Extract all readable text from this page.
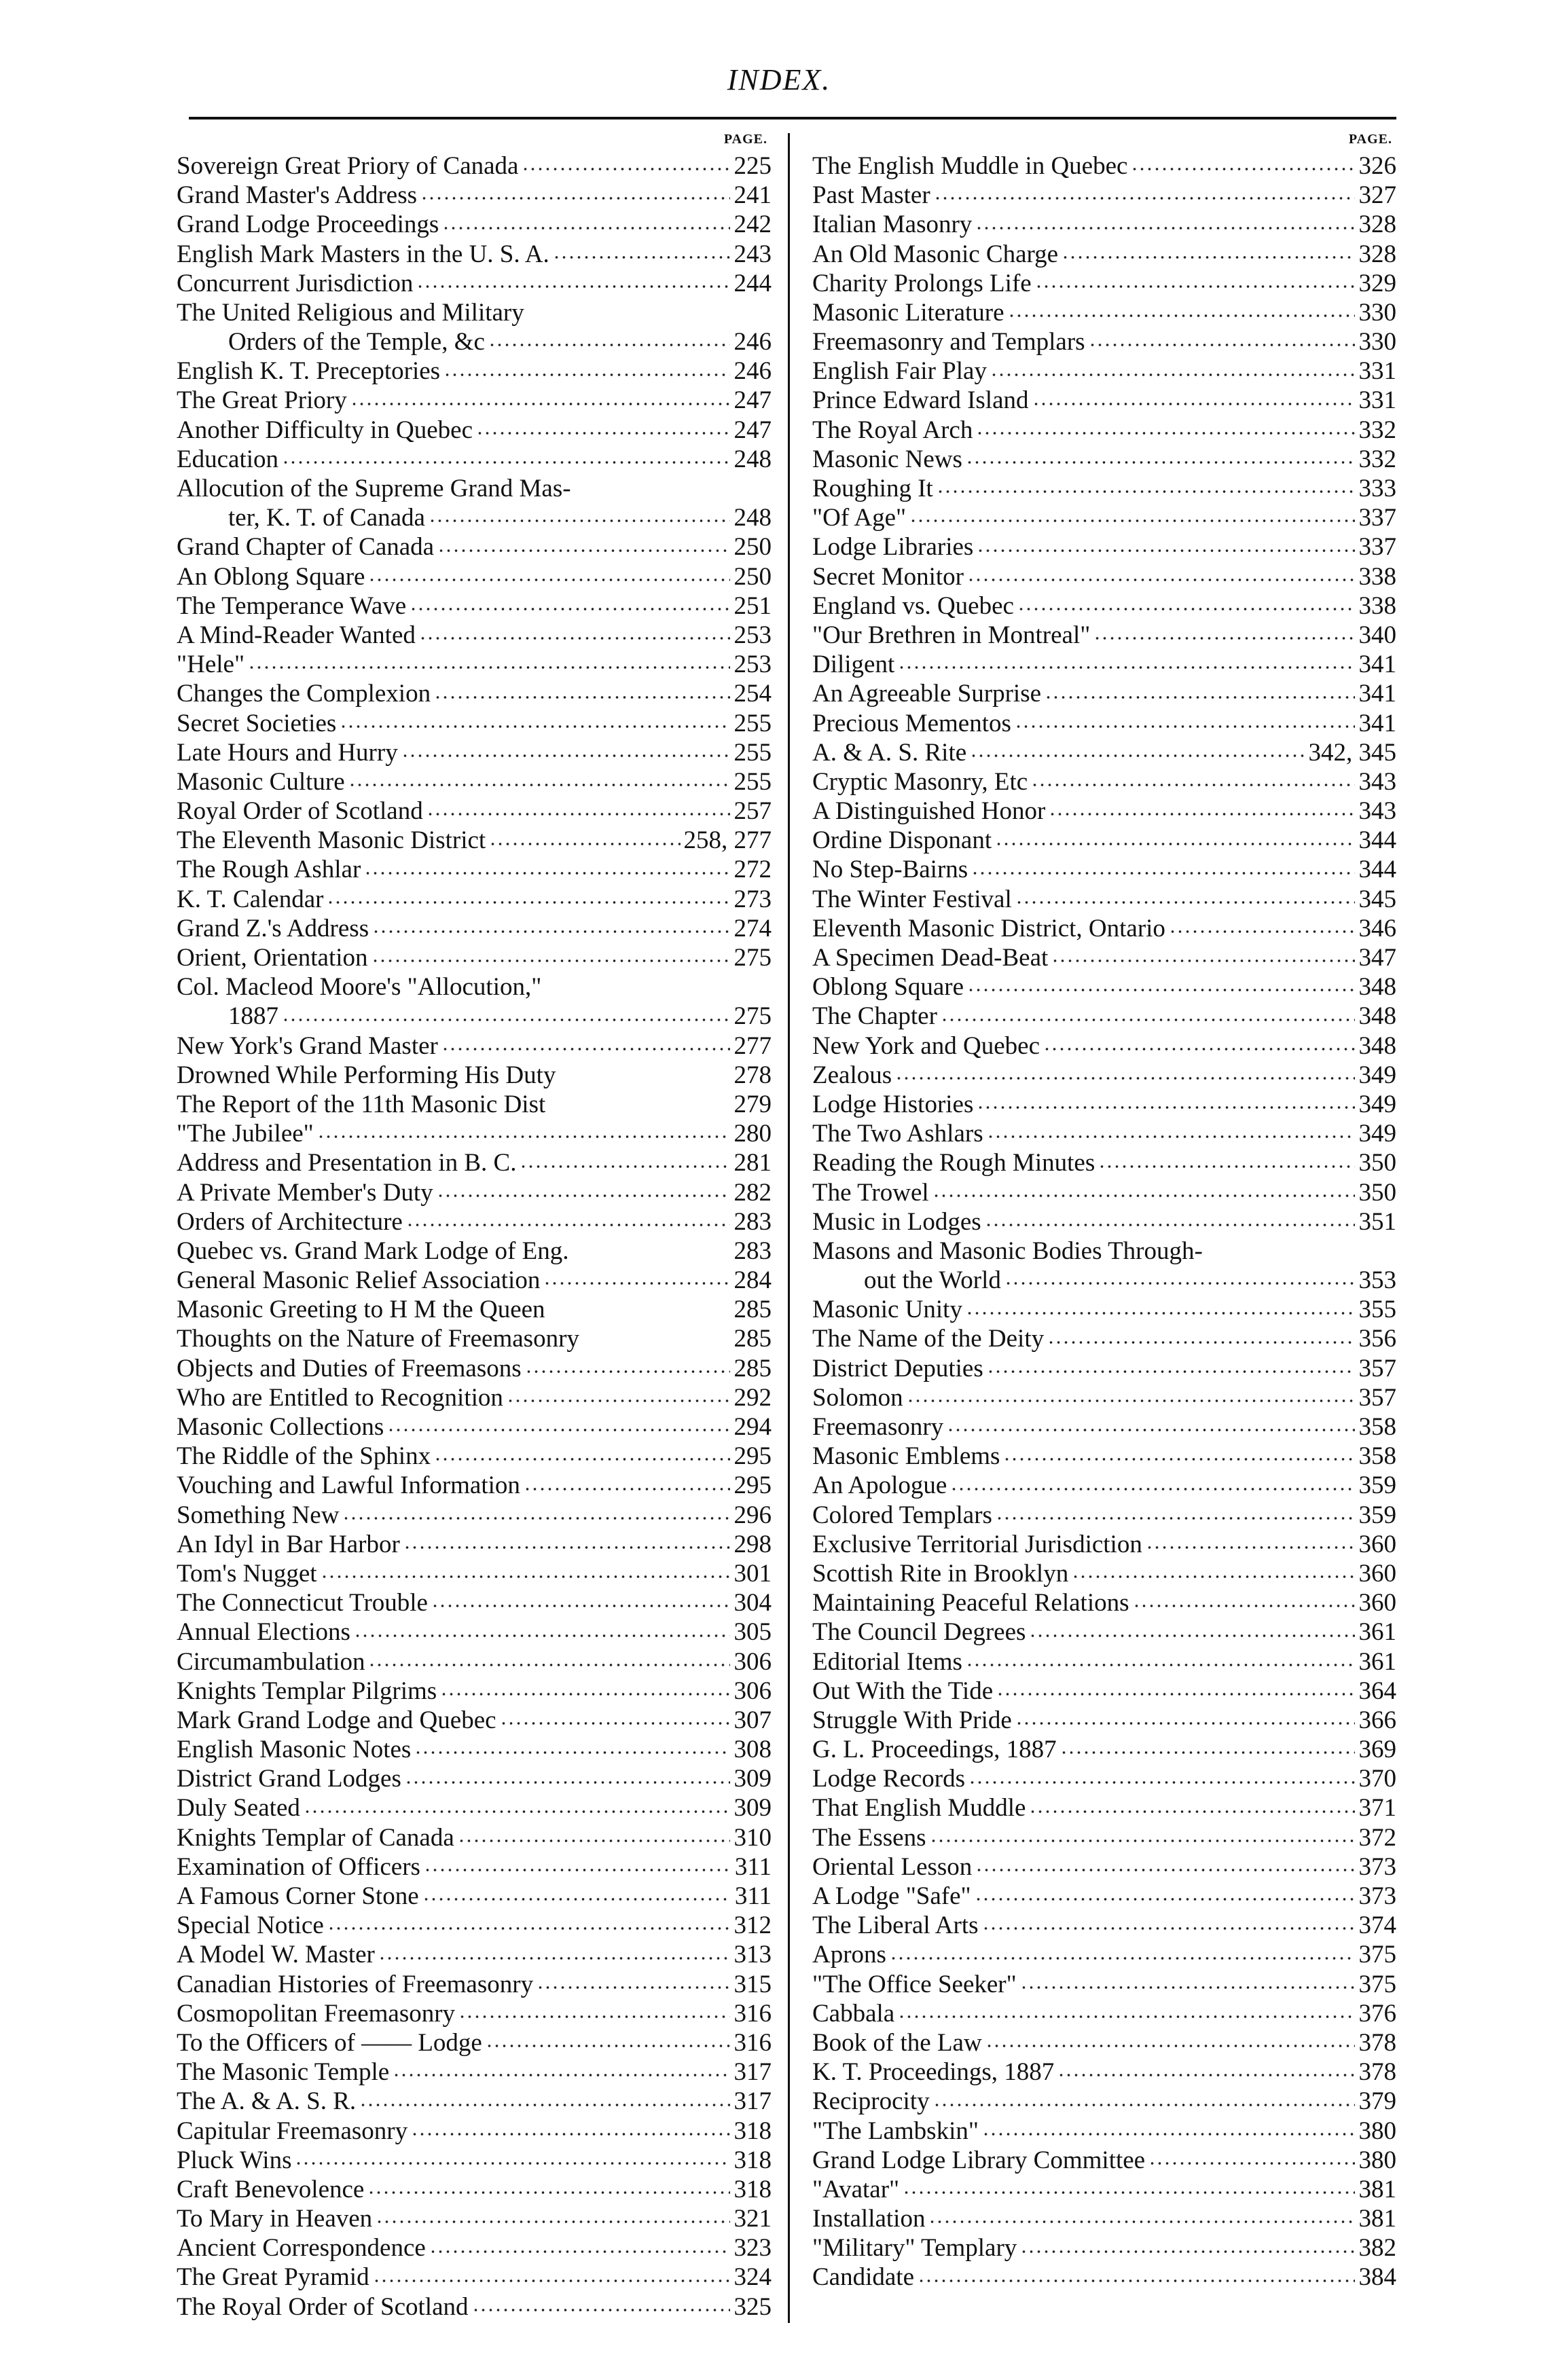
INDEX.
PAGE.
Sovereign Great Priory of Canada	225
Grand Master's Address	241
Grand Lodge Proceedings	242
English Mark Masters in the U. S. A.	243
Concurrent Jurisdiction	244
The United Religious and Military
Orders of the Temple, &c	246
English K. T. Preceptories	246
The Great Priory	247
Another Difficulty in Quebec	247
Education	248
Allocution of the Supreme Grand Mas-
ter, K. T. of Canada	248
Grand Chapter of Canada	250
An Oblong Square	250
The Temperance Wave	251
A Mind-Reader Wanted	253
"Hele"	253
Changes the Complexion	254
Secret Societies	255
Late Hours and Hurry	255
Masonic Culture	255
Royal Order of Scotland	257
The Eleventh Masonic District	258, 277
The Rough Ashlar	272
K. T. Calendar	273
Grand Z.'s Address	274
Orient, Orientation	275
Col. Macleod Moore's "Allocution,"
1887	275
New York's Grand Master	277
Drowned While Performing His Duty	278
The Report of the 11th Masonic Dist	279
"The Jubilee"	280
Address and Presentation in B. C.	281
A Private Member's Duty	282
Orders of Architecture	283
Quebec vs. Grand Mark Lodge of Eng.	283
General Masonic Relief Association	284
Masonic Greeting to H M the Queen	285
Thoughts on the Nature of Freemasonry	285
Objects and Duties of Freemasons	285
Who are Entitled to Recognition	292
Masonic Collections	294
The Riddle of the Sphinx	295
Vouching and Lawful Information	295
Something New	296
An Idyl in Bar Harbor	298
Tom's Nugget	301
The Connecticut Trouble	304
Annual Elections	305
Circumambulation	306
Knights Templar Pilgrims	306
Mark Grand Lodge and Quebec	307
English Masonic Notes	308
District Grand Lodges	309
Duly Seated	309
Knights Templar of Canada	310
Examination of Officers	311
A Famous Corner Stone	311
Special Notice	312
A Model W. Master	313
Canadian Histories of Freemasonry	315
Cosmopolitan Freemasonry	316
To the Officers of —— Lodge	316
The Masonic Temple	317
The A. & A. S. R.	317
Capitular Freemasonry	318
Pluck Wins	318
Craft Benevolence	318
To Mary in Heaven	321
Ancient Correspondence	323
The Great Pyramid	324
The Royal Order of Scotland	325
PAGE.
The English Muddle in Quebec	326
Past Master	327
Italian Masonry	328
An Old Masonic Charge	328
Charity Prolongs Life	329
Masonic Literature	330
Freemasonry and Templars	330
English Fair Play	331
Prince Edward Island	331
The Royal Arch	332
Masonic News	332
Roughing It	333
"Of Age"	337
Lodge Libraries	337
Secret Monitor	338
England vs. Quebec	338
"Our Brethren in Montreal"	340
Diligent	341
An Agreeable Surprise	341
Precious Mementos	341
A. & A. S. Rite	342, 345
Cryptic Masonry, Etc	343
A Distinguished Honor	343
Ordine Disponant	344
No Step-Bairns	344
The Winter Festival	345
Eleventh Masonic District, Ontario	346
A Specimen Dead-Beat	347
Oblong Square	348
The Chapter	348
New York and Quebec	348
Zealous	349
Lodge Histories	349
The Two Ashlars	349
Reading the Rough Minutes	350
The Trowel	350
Music in Lodges	351
Masons and Masonic Bodies Through-
out the World	353
Masonic Unity	355
The Name of the Deity	356
District Deputies	357
Solomon	357
Freemasonry	358
Masonic Emblems	358
An Apologue	359
Colored Templars	359
Exclusive Territorial Jurisdiction	360
Scottish Rite in Brooklyn	360
Maintaining Peaceful Relations	360
The Council Degrees	361
Editorial Items	361
Out With the Tide	364
Struggle With Pride	366
G. L. Proceedings, 1887	369
Lodge Records	370
That English Muddle	371
The Essens	372
Oriental Lesson	373
A Lodge "Safe"	373
The Liberal Arts	374
Aprons	375
"The Office Seeker"	375
Cabbala	376
Book of the Law	378
K. T. Proceedings, 1887	378
Reciprocity	379
"The Lambskin"	380
Grand Lodge Library Committee	380
"Avatar"	381
Installation	381
"Military" Templary	382
Candidate	384
